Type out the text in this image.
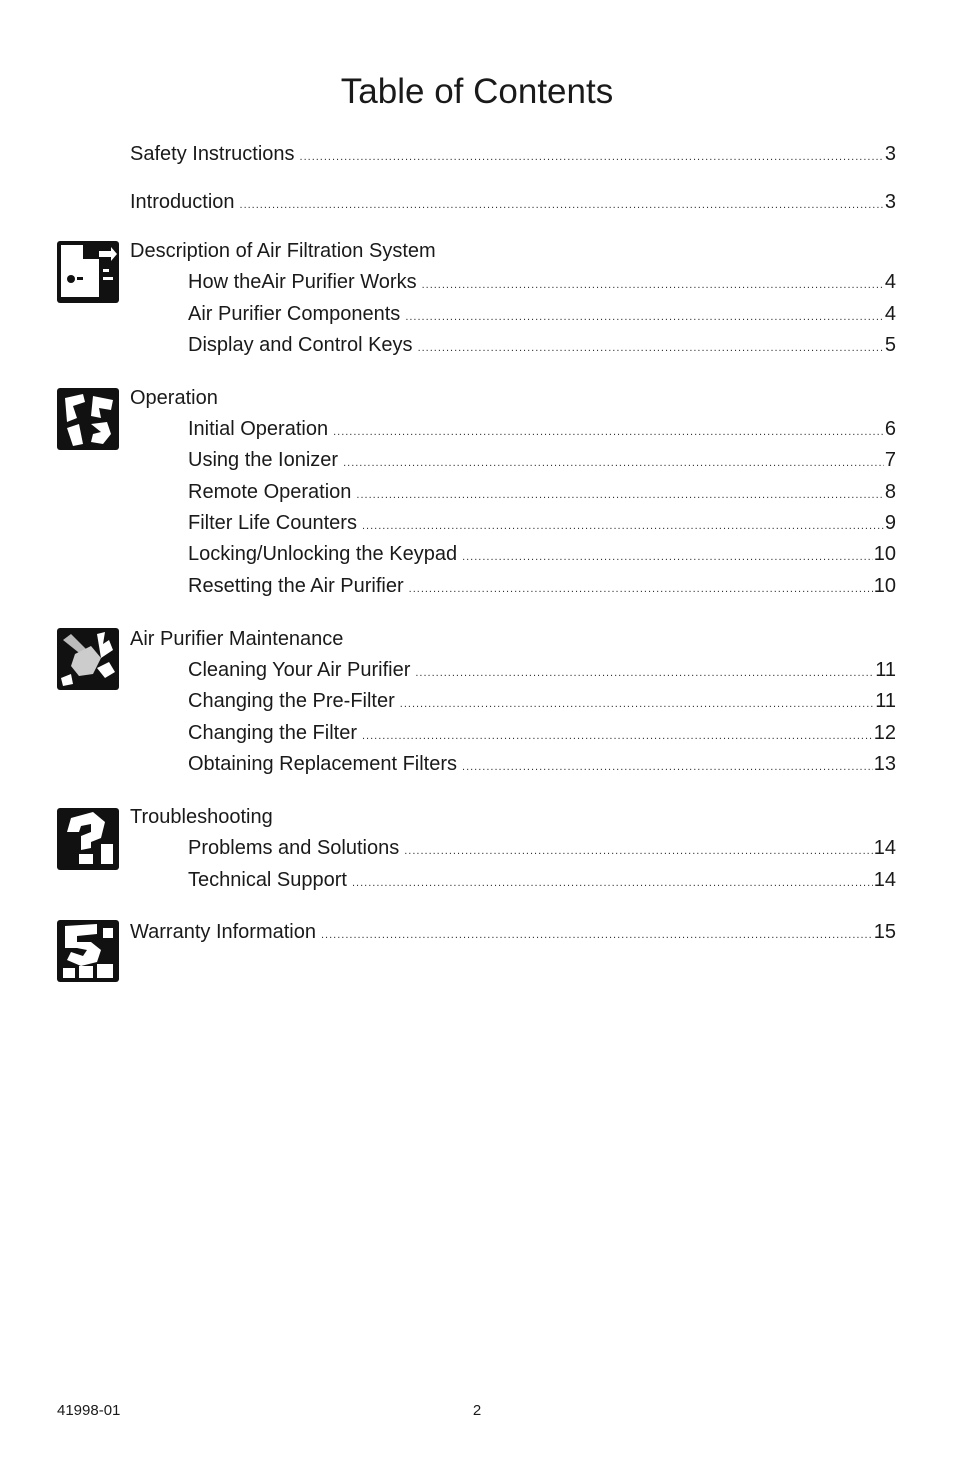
Table of Contents
Safety Instructions .....	3
Introduction .....	3
Description of Air Filtration System
How theAir Purifier Works .....	4
Air Purifier Components .....	4
Display and Control Keys .....	5
Operation
Initial Operation .....	6
Using the Ionizer .....	7
Remote Operation .....	8
Filter Life Counters .....	9
Locking/Unlocking the Keypad .....	10
Resetting the Air Purifier .....	10
Air Purifier Maintenance
Cleaning Your Air Purifier .....	11
Changing the Pre-Filter .....	11
Changing the Filter .....	12
Obtaining Replacement Filters .....	13
Troubleshooting
Problems and Solutions .....	14
Technical Support .....	14
Warranty Information .....	15
41998-01	2
